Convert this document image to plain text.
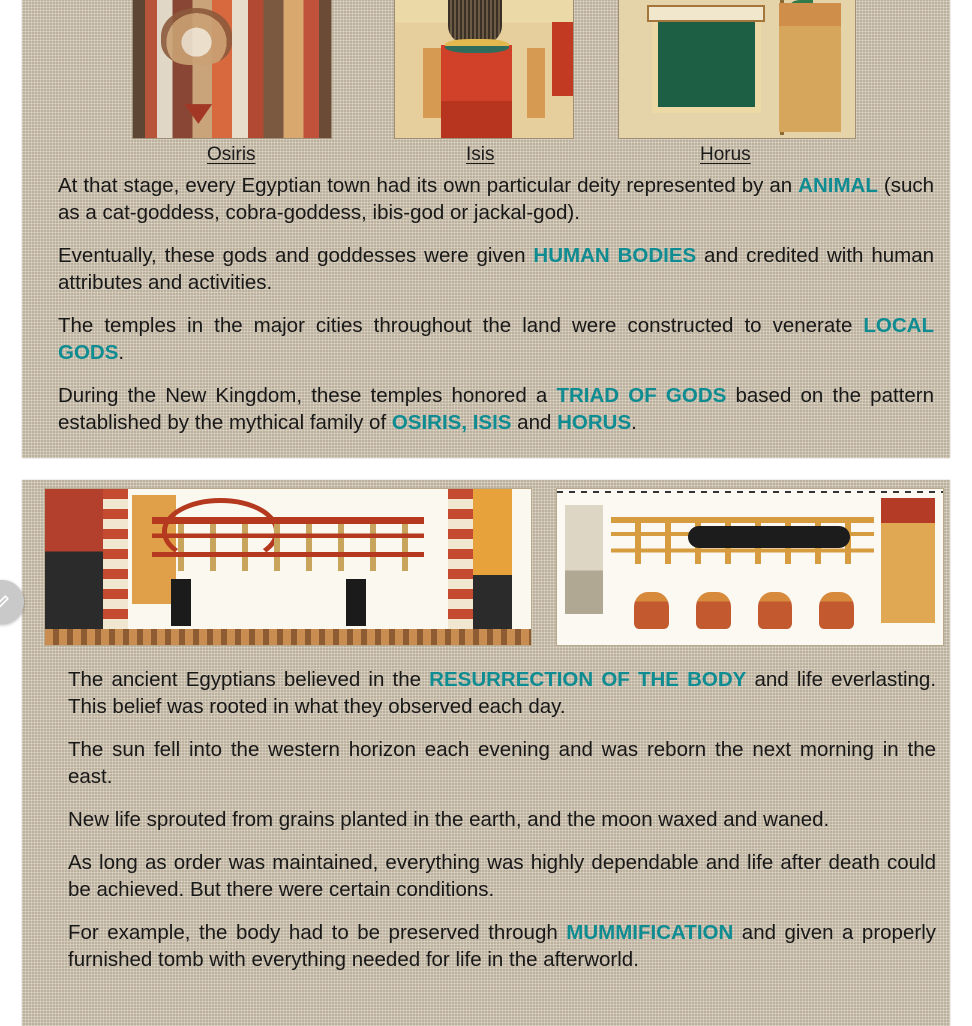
Osiris	Isis	Horus

At that stage, every Egyptian town had its own particular deity represented by an ANIMAL (such as a cat-goddess, cobra-goddess, ibis-god or jackal-god).

Eventually, these gods and goddesses were given HUMAN BODIES and credited with human attributes and activities.

The temples in the major cities throughout the land were constructed to venerate LOCAL GODS.

During the New Kingdom, these temples honored a TRIAD OF GODS based on the pattern established by the mythical family of OSIRIS, ISIS and HORUS.

The ancient Egyptians believed in the RESURRECTION OF THE BODY and life everlasting. This belief was rooted in what they observed each day.

The sun fell into the western horizon each evening and was reborn the next morning in the east.

New life sprouted from grains planted in the earth, and the moon waxed and waned.

As long as order was maintained, everything was highly dependable and life after death could be achieved. But there were certain conditions.

For example, the body had to be preserved through MUMMIFICATION and given a properly furnished tomb with everything needed for life in the afterworld.
